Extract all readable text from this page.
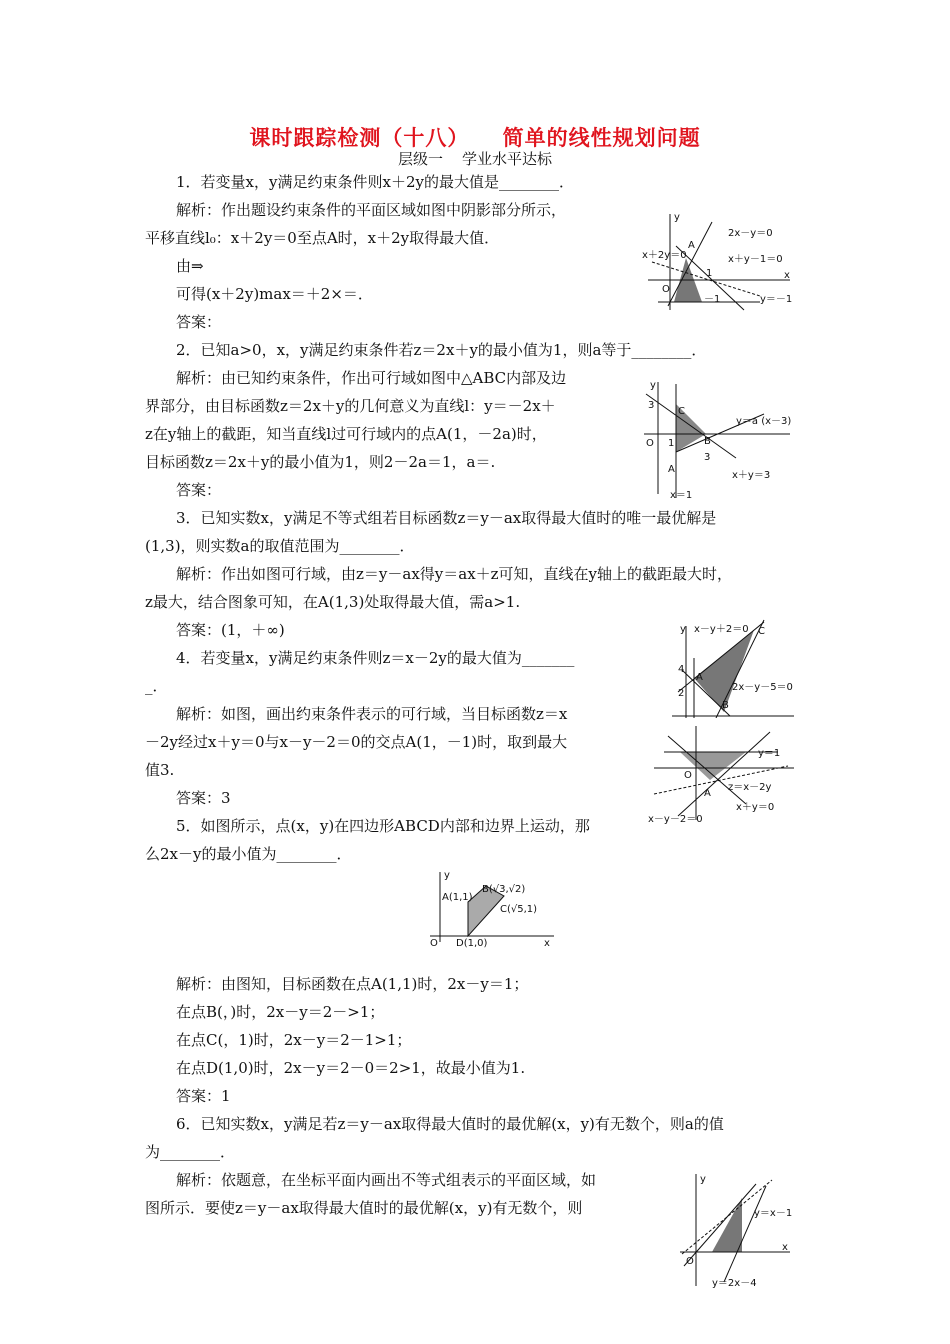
课时跟踪检测（十八）    简单的线性规划问题
层级一    学业水平达标
1．若变量x，y满足约束条件则x＋2y的最大值是________．
解析：作出题设约束条件的平面区域如图中阴影部分所示，
平移直线l₀：x＋2y＝0至点A时，x＋2y取得最大值．
由⇒
可得(x＋2y)max＝＋2×＝．
答案：
2．已知a>0，x，y满足约束条件若z＝2x＋y的最小值为1，则a等于________．
解析：由已知约束条件，作出可行域如图中△ABC内部及边
界部分，由目标函数z＝2x＋y的几何意义为直线l：y＝－2x＋
z在y轴上的截距，知当直线l过可行域内的点A(1，－2a)时，
目标函数z＝2x＋y的最小值为1，则2－2a＝1，a＝.
答案：
3．已知实数x，y满足不等式组若目标函数z＝y－ax取得最大值时的唯一最优解是
(1,3)，则实数a的取值范围为________．
解析：作出如图可行域，由z＝y－ax得y＝ax＋z可知，直线在y轴上的截距最大时，
z最大，结合图象可知，在A(1,3)处取得最大值，需a>1.
答案：(1，＋∞)
4．若变量x，y满足约束条件则z＝x－2y的最大值为_______
_．
解析：如图，画出约束条件表示的可行域，当目标函数z＝x
－2y经过x＋y＝0与x－y－2＝0的交点A(1，－1)时，取到最大
值3.
答案：3
5．如图所示，点(x，y)在四边形ABCD内部和边界上运动，那
么2x－y的最小值为________．
解析：由图知，目标函数在点A(1,1)时，2x－y＝1；
在点B(，)时，2x－y＝2－>1；
在点C(，1)时，2x－y＝2－1>1；
在点D(1,0)时，2x－y＝2－0＝2>1，故最小值为1.
答案：1
6．已知实数x，y满足若z＝y－ax取得最大值时的最优解(x，y)有无数个，则a的值
为________．
解析：依题意，在坐标平面内画出不等式组表示的平面区域，如
图所示．要使z＝y－ax取得最大值时的最优解(x，y)有无数个，则
y
2x－y＝0
A
x＋2y＝0	x＋y－1＝0
1	x
O
－1	y＝－1
y
3
C
y＝a (x－3)
O 1	B
3
A
x＋y＝3
x＝1
y x－y＋2＝0 C
4
2
A
2x－y－5＝0
B
y＝1
O
z＝x－2y
A
x＋y＝0
x－y－2＝0
y
B(√3,√2)
A(1,1)
C(√5,1)
O D(1,0)	x
y
y＝x－1
O
x
y＝2x－4
